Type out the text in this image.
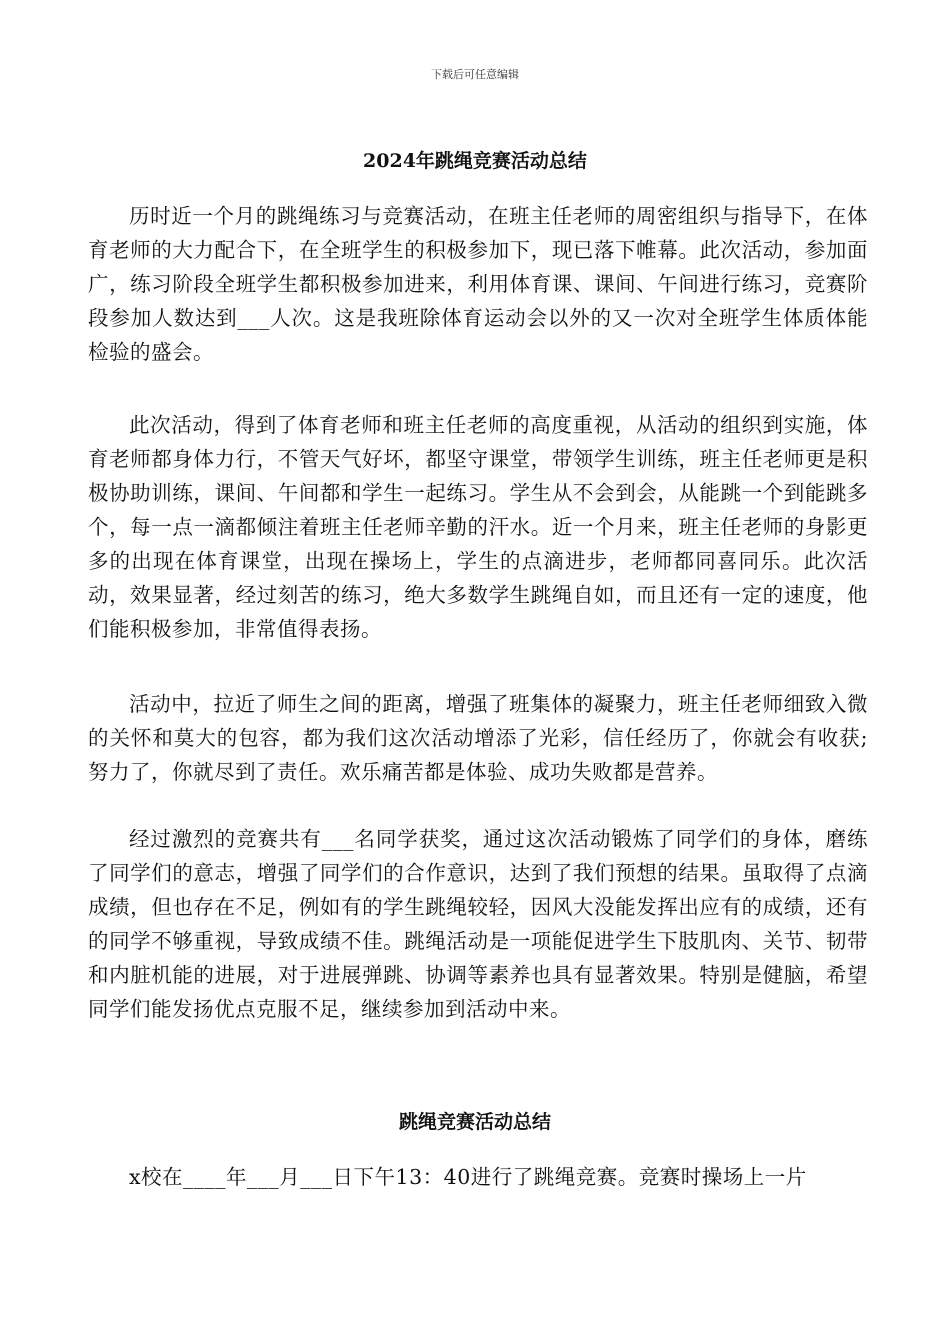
下载后可任意编辑
2024年跳绳竞赛活动总结

历时近一个月的跳绳练习与竞赛活动，在班主任老师的周密组织与指导下，在体育老师的大力配合下，在全班学生的积极参加下，现已落下帷幕。此次活动，参加面广，练习阶段全班学生都积极参加进来，利用体育课、课间、午间进行练习，竞赛阶段参加人数达到___人次。这是我班除体育运动会以外的又一次对全班学生体质体能检验的盛会。

此次活动，得到了体育老师和班主任老师的高度重视，从活动的组织到实施，体育老师都身体力行，不管天气好坏，都坚守课堂，带领学生训练，班主任老师更是积极协助训练，课间、午间都和学生一起练习。学生从不会到会，从能跳一个到能跳多个，每一点一滴都倾注着班主任老师辛勤的汗水。近一个月来，班主任老师的身影更多的出现在体育课堂，出现在操场上，学生的点滴进步，老师都同喜同乐。此次活动，效果显著，经过刻苦的练习，绝大多数学生跳绳自如，而且还有一定的速度，他们能积极参加，非常值得表扬。

活动中，拉近了师生之间的距离，增强了班集体的凝聚力，班主任老师细致入微的关怀和莫大的包容，都为我们这次活动增添了光彩，信任经历了，你就会有收获;努力了，你就尽到了责任。欢乐痛苦都是体验、成功失败都是营养。

经过激烈的竞赛共有___名同学获奖，通过这次活动锻炼了同学们的身体，磨练了同学们的意志，增强了同学们的合作意识，达到了我们预想的结果。虽取得了点滴成绩，但也存在不足，例如有的学生跳绳较轻，因风大没能发挥出应有的成绩，还有的同学不够重视，导致成绩不佳。跳绳活动是一项能促进学生下肢肌肉、关节、韧带和内脏机能的进展，对于进展弹跳、协调等素养也具有显著效果。特别是健脑，希望同学们能发扬优点克服不足，继续参加到活动中来。

跳绳竞赛活动总结

x校在____年___月___日下午13：40进行了跳绳竞赛。竞赛时操场上一片
